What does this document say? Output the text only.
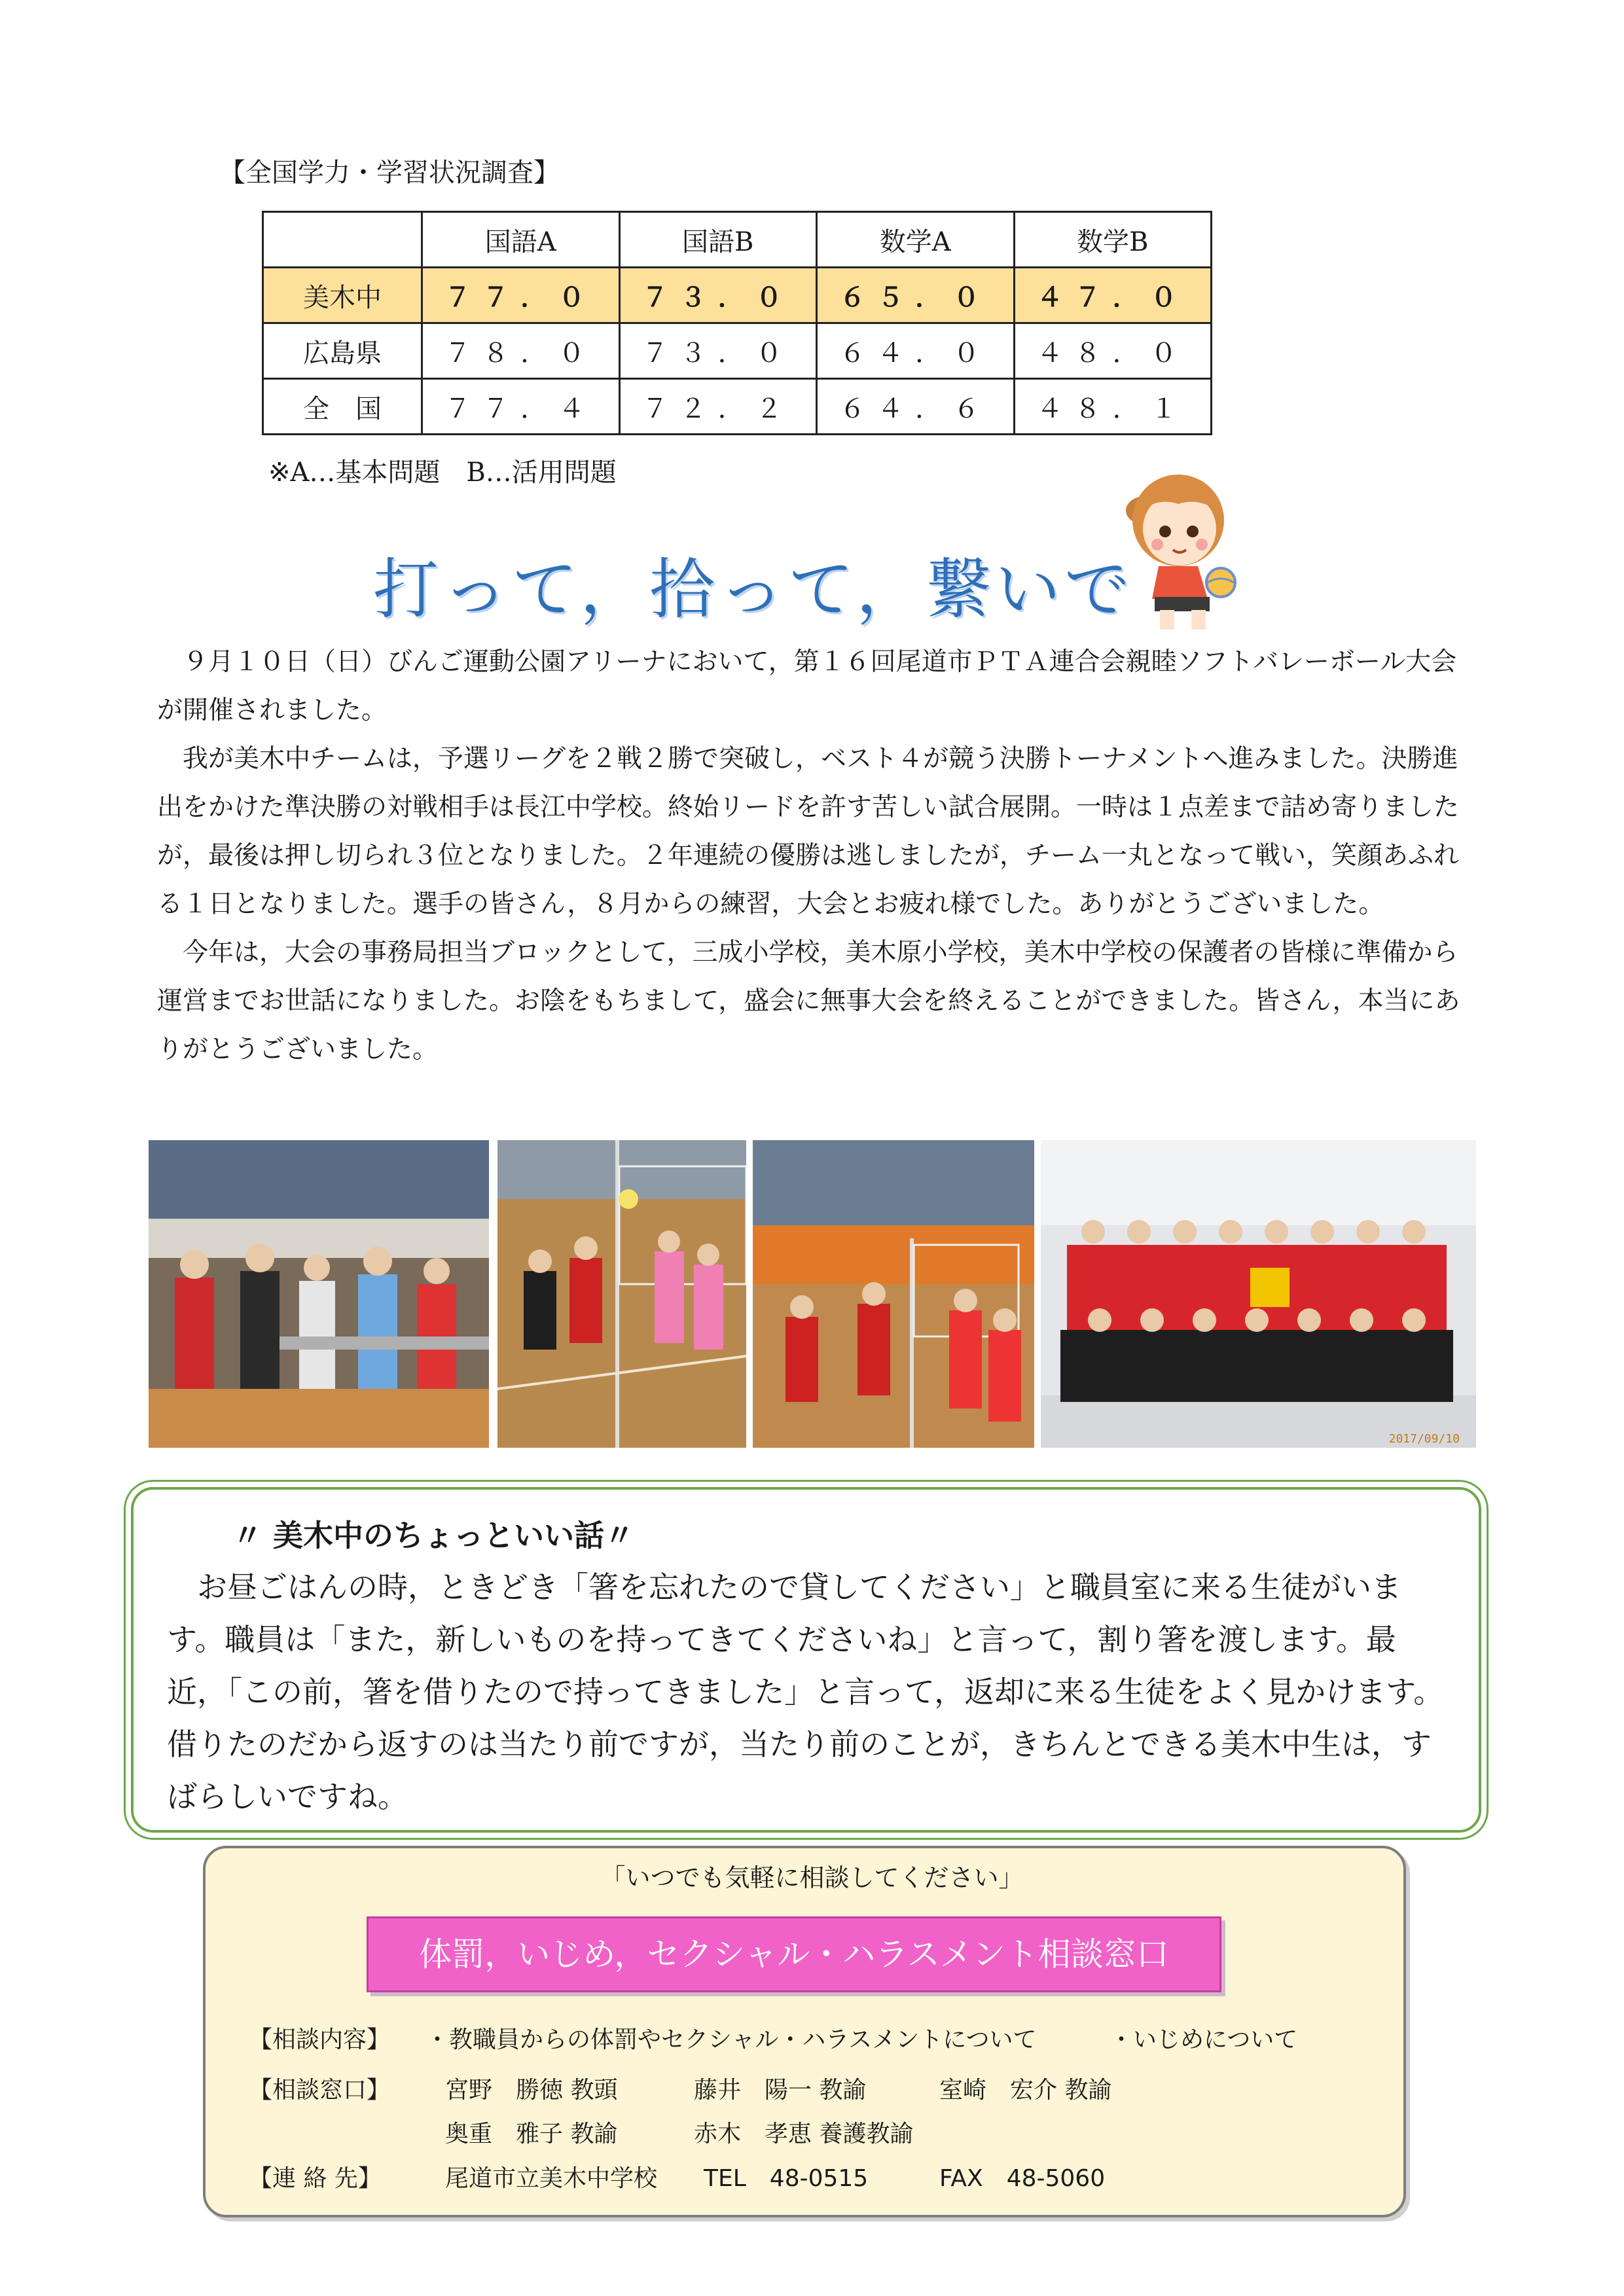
【全国学力・学習状況調査】
	国語A	国語B	数学A	数学B
美木中	７７．０	７３．０	６５．０	４７．０
広島県	７８．０	７３．０	６４．０	４８．０
全　国	７７．４	７２．２	６４．６	４８．１
※A…基本問題　B…活用問題
打って，拾って，繋いで

９月１０日（日）びんご運動公園アリーナにおいて，第１６回尾道市ＰＴＡ連合会親睦ソフトバレーボール大会が開催されました。

我が美木中チームは，予選リーグを２戦２勝で突破し，ベスト４が競う決勝トーナメントへ進みました。決勝進出をかけた準決勝の対戦相手は長江中学校。終始リードを許す苦しい試合展開。一時は１点差まで詰め寄りましたが，最後は押し切られ３位となりました。２年連続の優勝は逃しましたが，チーム一丸となって戦い，笑顔あふれる１日となりました。選手の皆さん，８月からの練習，大会とお疲れ様でした。ありがとうございました。

今年は，大会の事務局担当ブロックとして，三成小学校，美木原小学校，美木中学校の保護者の皆様に準備から運営までお世話になりました。お陰をもちまして，盛会に無事大会を終えることができました。皆さん，本当にありがとうございました。

2017/09/10
〃 美木中のちょっといい話〃

お昼ごはんの時，ときどき「箸を忘れたので貸してください」と職員室に来る生徒がいます。職員は「また，新しいものを持ってきてくださいね」と言って，割り箸を渡します。最近，「この前，箸を借りたので持ってきました」と言って，返却に来る生徒をよく見かけます。借りたのだから返すのは当たり前ですが，当たり前のことが，きちんとできる美木中生は，すばらしいですね。

「いつでも気軽に相談してください」
体罰，いじめ，セクシャル・ハラスメント相談窓口
【相談内容】 ・教職員からの体罰やセクシャル・ハラスメントについて	・いじめについて
【相談窓口】 宮野　勝徳 教頭	藤井　陽一 教諭	室崎　宏介 教諭
奥重　雅子 教諭	赤木　孝恵 養護教諭
【連 絡 先】	尾道市立美木中学校 TEL　48-0515	FAX　48-5060
